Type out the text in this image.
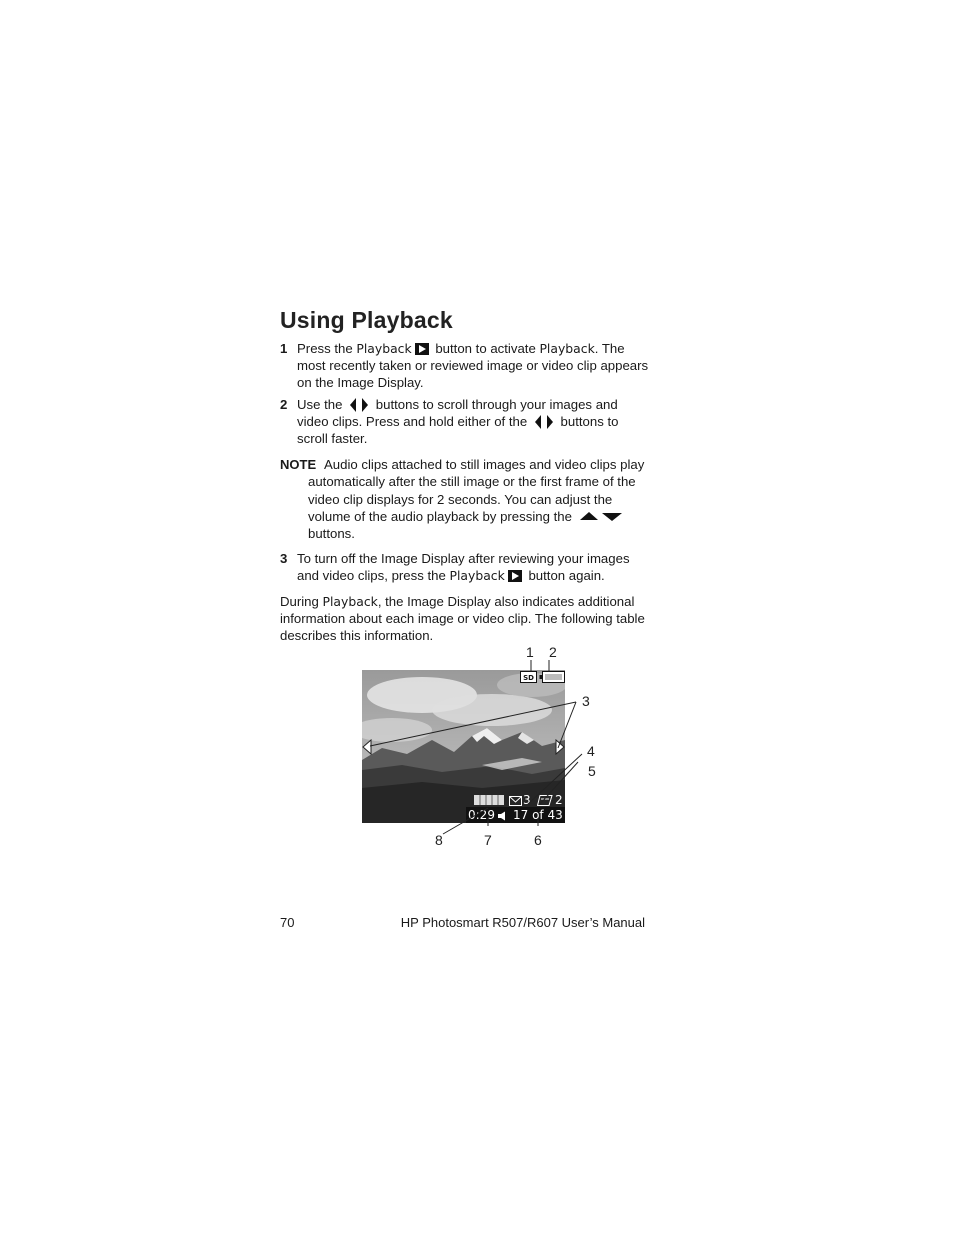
Using Playback
1 Press the Playback button to activate Playback. The most recently taken or reviewed image or video clip appears on the Image Display.
2 Use the  buttons to scroll through your images and video clips. Press and hold either of the  buttons to scroll faster.
NOTE Audio clips attached to still images and video clips play automatically after the still image or the first frame of the video clip displays for 2 seconds. You can adjust the volume of the audio playback by pressing the  buttons.
3 To turn off the Image Display after reviewing your images and video clips, press the Playback button again.

During Playback, the Image Display also indicates additional information about each image or video clip. The following table describes this information.

SD
3 2
0:29 17 of 43
1 2
3
4
5
6
7
8
70	HP Photosmart R507/R607 User’s Manual
